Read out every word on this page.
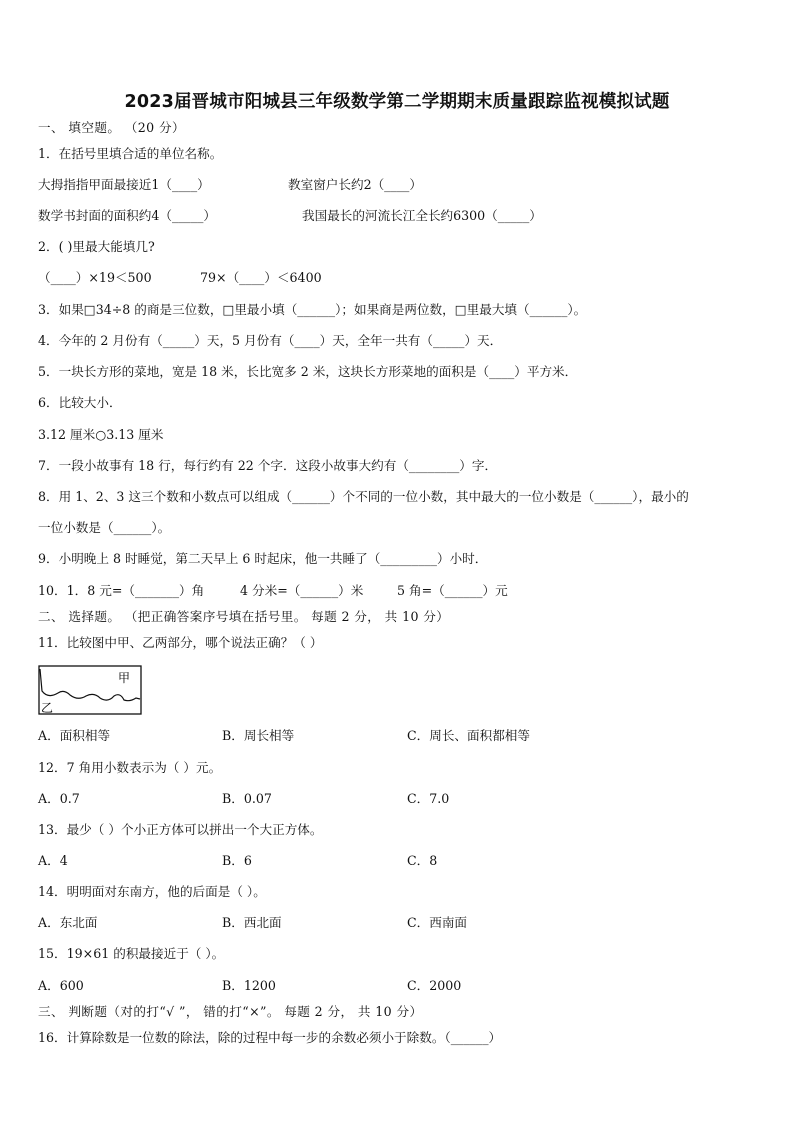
2023届晋城市阳城县三年级数学第二学期期末质量跟踪监视模拟试题
一、 填空题。 （20 分）
1．在括号里填合适的单位名称。
大拇指指甲面最接近1（____）	教室窗户长约2（____）
数学书封面的面积约4（_____）	我国最长的河流长江全长约6300（_____）
2．( )里最大能填几?
（____）×19＜500	79×（____）＜6400
3．如果□34÷8 的商是三位数，□里最小填（______）；如果商是两位数，□里最大填（______）。
4．今年的 2 月份有（_____）天，5 月份有（____）天，全年一共有（_____）天．
5．一块长方形的菜地，宽是 18 米，长比宽多 2 米，这块长方形菜地的面积是（____）平方米．
6．比较大小．
3.12 厘米○3.13 厘米
7．一段小故事有 18 行，每行约有 22 个字．这段小故事大约有（________）字．
8．用 1、2、3 这三个数和小数点可以组成（______）个不同的一位小数，其中最大的一位小数是（______），最小的
一位小数是（______）。
9．小明晚上 8 时睡觉，第二天早上 6 时起床，他一共睡了（_________）小时．
10．1．8 元=（_______）角	4 分米=（______）米	5 角=（______）元
二、 选择题。 （把正确答案序号填在括号里。 每题 2 分， 共 10 分）
11．比较图中甲、乙两部分，哪个说法正确？（ ）
甲
乙
A．面积相等	B．周长相等	C．周长、面积都相等
12．7 角用小数表示为（ ）元。
A．0.7	B．0.07	C．7.0
13．最少（ ）个小正方体可以拼出一个大正方体。
A．4	B．6	C．8
14．明明面对东南方，他的后面是（ ）。
A．东北面	B．西北面	C．西南面
15．19×61 的积最接近于（ ）。
A．600	B．1200	C．2000
三、 判断题（对的打“√ ”， 错的打“×”。 每题 2 分， 共 10 分）
16．计算除数是一位数的除法，除的过程中每一步的余数必须小于除数。（______）
